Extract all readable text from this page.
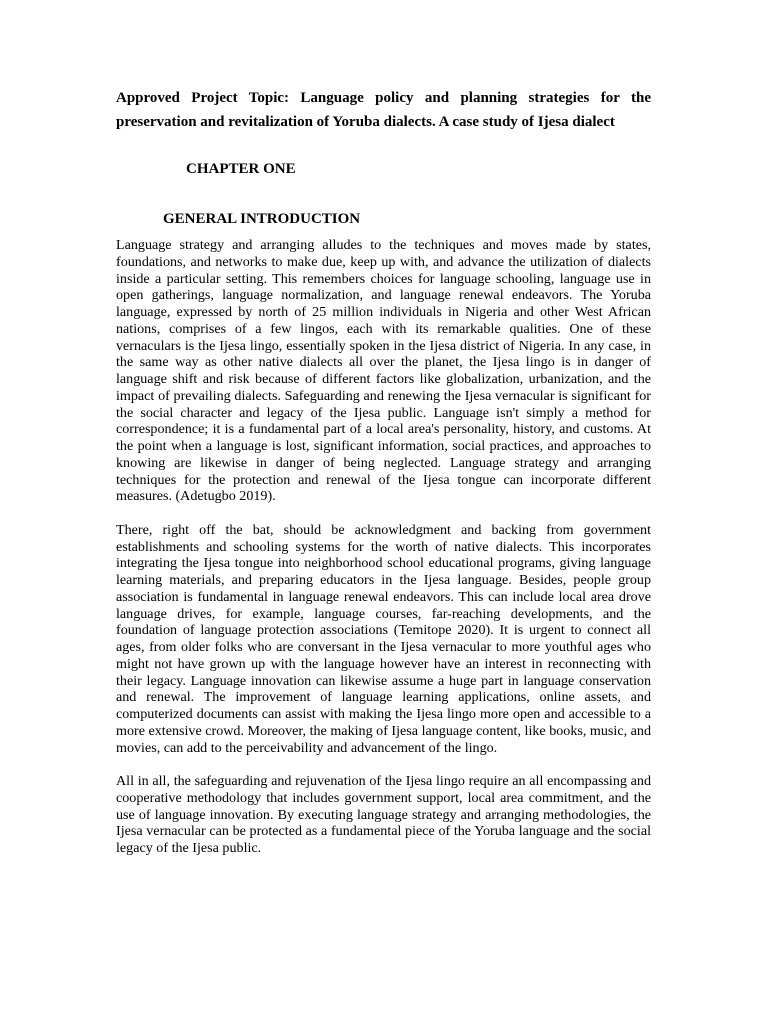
Approved Project Topic: Language policy and planning strategies for the preservation and revitalization of Yoruba dialects. A case study of Ijesa dialect

CHAPTER ONE

GENERAL INTRODUCTION

Language strategy and arranging alludes to the techniques and moves made by states, foundations, and networks to make due, keep up with, and advance the utilization of dialects inside a particular setting. This remembers choices for language schooling, language use in open gatherings, language normalization, and language renewal endeavors. The Yoruba language, expressed by north of 25 million individuals in Nigeria and other West African nations, comprises of a few lingos, each with its remarkable qualities. One of these vernaculars is the Ijesa lingo, essentially spoken in the Ijesa district of Nigeria. In any case, in the same way as other native dialects all over the planet, the Ijesa lingo is in danger of language shift and risk because of different factors like globalization, urbanization, and the impact of prevailing dialects. Safeguarding and renewing the Ijesa vernacular is significant for the social character and legacy of the Ijesa public. Language isn't simply a method for correspondence; it is a fundamental part of a local area's personality, history, and customs. At the point when a language is lost, significant information, social practices, and approaches to knowing are likewise in danger of being neglected. Language strategy and arranging techniques for the protection and renewal of the Ijesa tongue can incorporate different measures. (Adetugbo 2019).

There, right off the bat, should be acknowledgment and backing from government establishments and schooling systems for the worth of native dialects. This incorporates integrating the Ijesa tongue into neighborhood school educational programs, giving language learning materials, and preparing educators in the Ijesa language. Besides, people group association is fundamental in language renewal endeavors. This can include local area drove language drives, for example, language courses, far-reaching developments, and the foundation of language protection associations (Temitope 2020). It is urgent to connect all ages, from older folks who are conversant in the Ijesa vernacular to more youthful ages who might not have grown up with the language however have an interest in reconnecting with their legacy. Language innovation can likewise assume a huge part in language conservation and renewal. The improvement of language learning applications, online assets, and computerized documents can assist with making the Ijesa lingo more open and accessible to a more extensive crowd. Moreover, the making of Ijesa language content, like books, music, and movies, can add to the perceivability and advancement of the lingo.

All in all, the safeguarding and rejuvenation of the Ijesa lingo require an all encompassing and cooperative methodology that includes government support, local area commitment, and the use of language innovation. By executing language strategy and arranging methodologies, the Ijesa vernacular can be protected as a fundamental piece of the Yoruba language and the social legacy of the Ijesa public.
